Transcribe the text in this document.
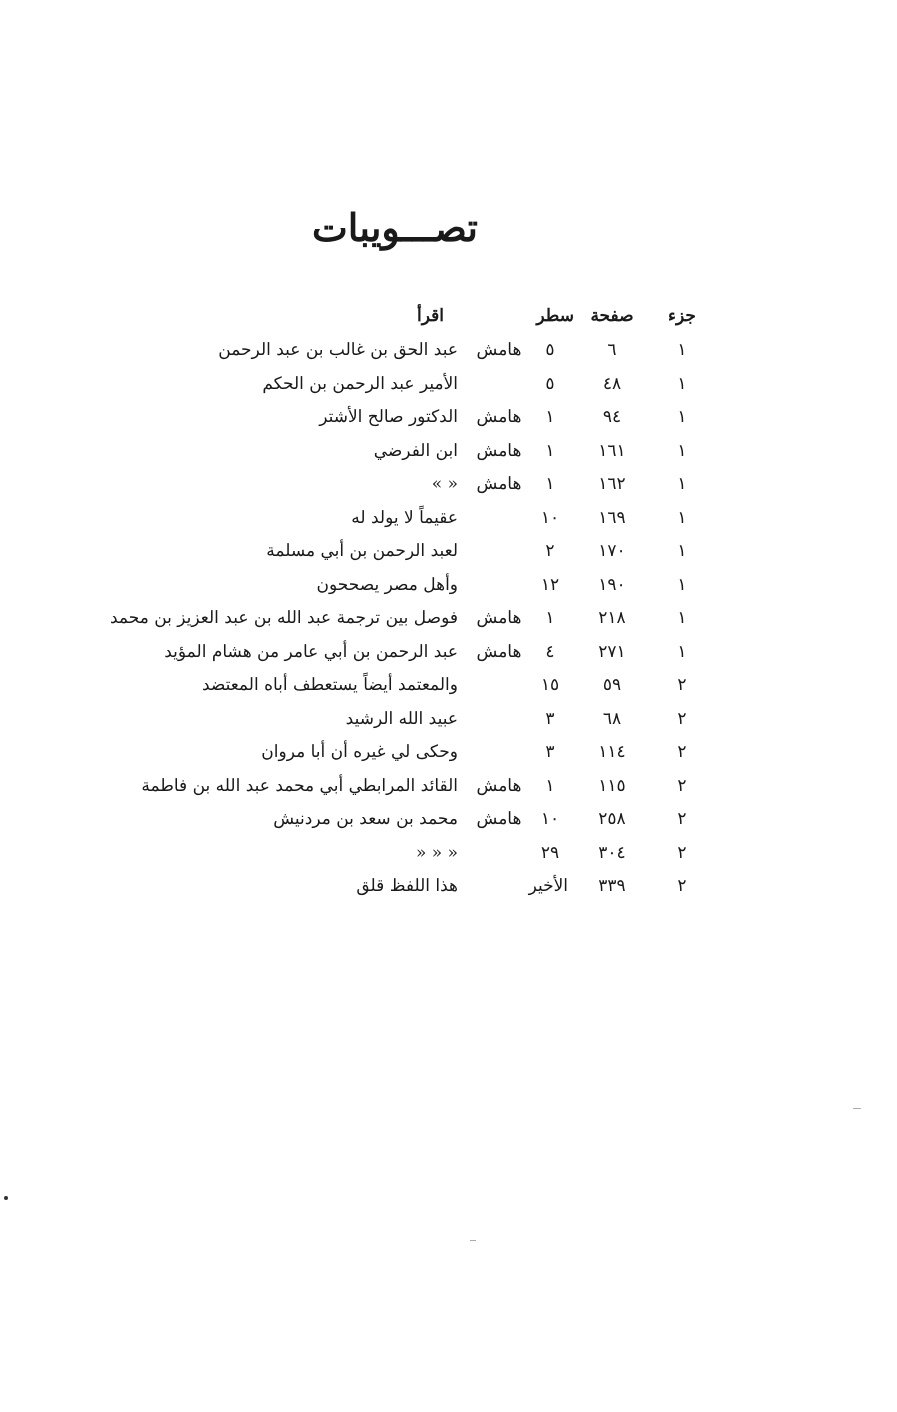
تصـــويبات
جزء
صفحة
سطر
اقرأ
١
٦
٥
هامش
عبد الحق بن غالب بن عبد الرحمن
١
٤٨
٥
الأمير عبد الرحمن بن الحكم
١
٩٤
١
هامش
الدكتور صالح الأشتر
١
١٦١
١
هامش
ابن الفرضي
١
١٦٢
١
هامش
« »
١
١٦٩
١٠
عقيماً لا يولد له
١
١٧٠
٢
لعبد الرحمن بن أبي مسلمة
١
١٩٠
١٢
وأهل مصر يصححون
١
٢١٨
١
هامش
فوصل بين ترجمة عبد الله بن عبد العزيز بن محمد
١
٢٧١
٤
هامش
عبد الرحمن بن أبي عامر من هشام المؤيد
٢
٥٩
١٥
والمعتمد أيضاً يستعطف أباه المعتضد
٢
٦٨
٣
عبيد الله الرشيد
٢
١١٤
٣
وحكى لي غيره أن أبا مروان
٢
١١٥
١
هامش
القائد المرابطي أبي محمد عبد الله بن فاطمة
٢
٢٥٨
١٠
هامش
محمد بن سعد بن مردنيش
٢
٣٠٤
٢٩
« « «
٢
٣٣٩
الأخير
هذا اللفظ قلق
